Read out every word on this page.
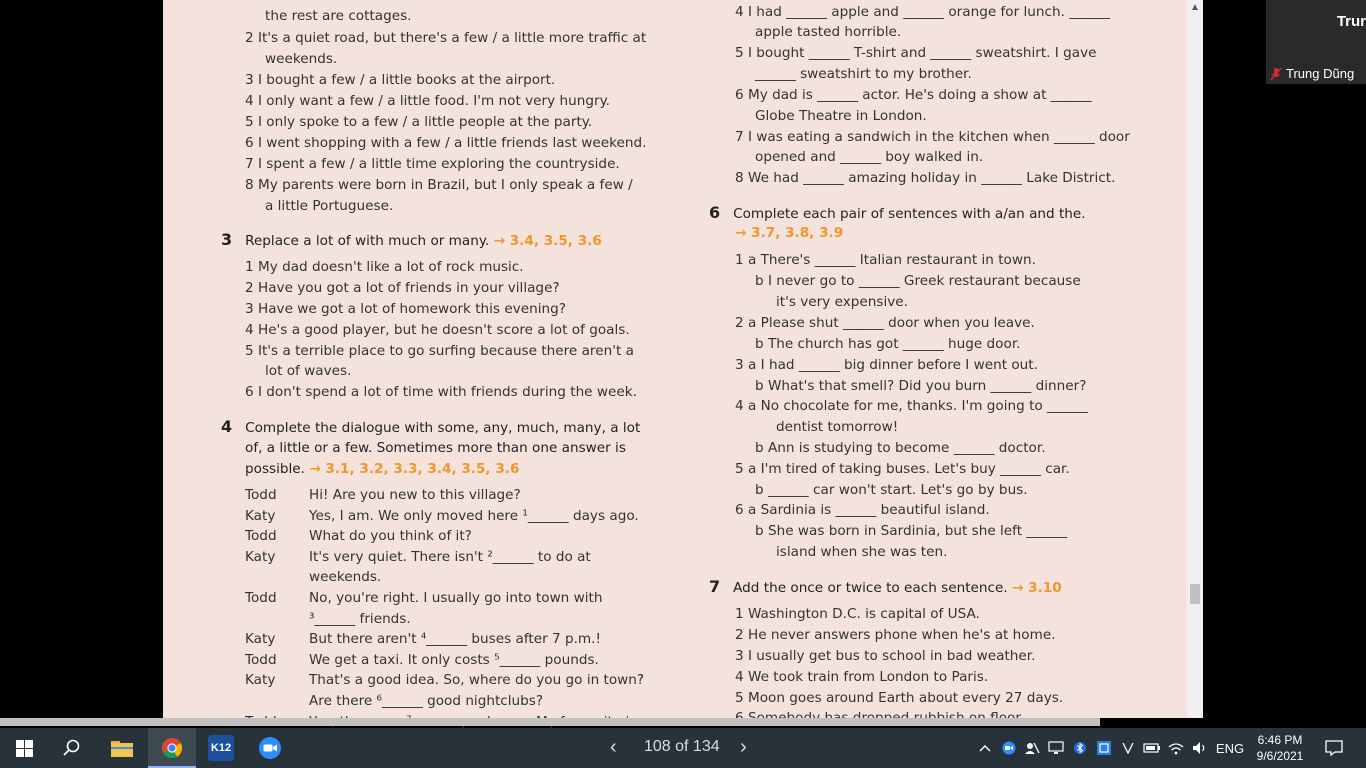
the rest are cottages.
2 It's a quiet road, but there's a few / a little more traffic at
weekends.
3 I bought a few / a little books at the airport.
4 I only want a few / a little food. I'm not very hungry.
5 I only spoke to a few / a little people at the party.
6 I went shopping with a few / a little friends last weekend.
7 I spent a few / a little time exploring the countryside.
8 My parents were born in Brazil, but I only speak a few /
a little Portuguese.
3 Replace a lot of with much or many. → 3.4, 3.5, 3.6
1 My dad doesn't like a lot of rock music.
2 Have you got a lot of friends in your village?
3 Have we got a lot of homework this evening?
4 He's a good player, but he doesn't score a lot of goals.
5 It's a terrible place to go surfing because there aren't a
lot of waves.
6 I don't spend a lot of time with friends during the week.
4 Complete the dialogue with some, any, much, many, a lot
of, a little or a few. Sometimes more than one answer is
possible. → 3.1, 3.2, 3.3, 3.4, 3.5, 3.6
Todd Hi! Are you new to this village?
Katy Yes, I am. We only moved here ¹______ days ago.
Todd What do you think of it?
Katy It's very quiet. There isn't ²______ to do at
weekends.
Todd No, you're right. I usually go into town with
³______ friends.
Katy But there aren't ⁴______ buses after 7 p.m.!
Todd We get a taxi. It only costs ⁵______ pounds.
Katy That's a good idea. So, where do you go in town?
Are there ⁶______ good nightclubs?
4 I had ______ apple and ______ orange for lunch. ______
apple tasted horrible.
5 I bought ______ T-shirt and ______ sweatshirt. I gave
______ sweatshirt to my brother.
6 My dad is ______ actor. He's doing a show at ______
Globe Theatre in London.
7 I was eating a sandwich in the kitchen when ______ door
opened and ______ boy walked in.
8 We had ______ amazing holiday in ______ Lake District.
6 Complete each pair of sentences with a/an and the.
→ 3.7, 3.8, 3.9
1 a There's ______ Italian restaurant in town.
b I never go to ______ Greek restaurant because
it's very expensive.
2 a Please shut ______ door when you leave.
b The church has got ______ huge door.
3 a I had ______ big dinner before I went out.
b What's that smell? Did you burn ______ dinner?
4 a No chocolate for me, thanks. I'm going to ______
dentist tomorrow!
b Ann is studying to become ______ doctor.
5 a I'm tired of taking buses. Let's buy ______ car.
b ______ car won't start. Let's go by bus.
6 a Sardinia is ______ beautiful island.
b She was born in Sardinia, but she left ______
island when she was ten.
7 Add the once or twice to each sentence. → 3.10
1 Washington D.C. is capital of USA.
2 He never answers phone when he's at home.
3 I usually get bus to school in bad weather.
4 We took train from London to Paris.
5 Moon goes around Earth about every 27 days.
▲
Trur
Trung Dũng
K12	ENG
6:46 PM
9/6/2021
‹ 108 of 134 ›
